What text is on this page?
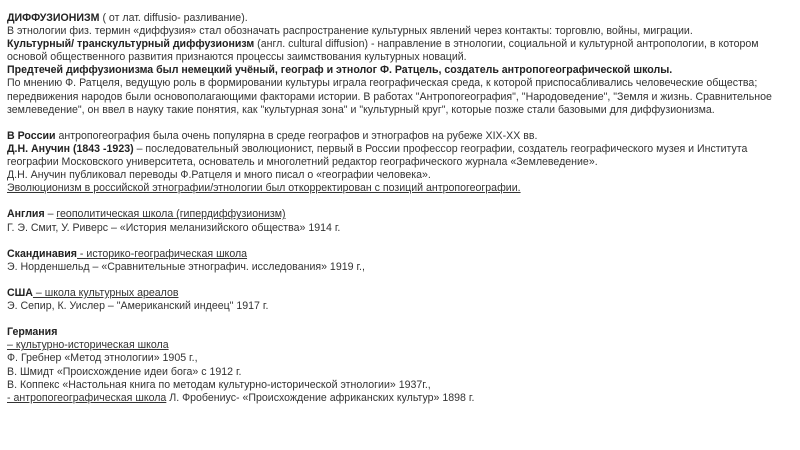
ДИФФУЗИОНИЗМ ( от лат. diffusio- разливание).

В этнологии физ. термин «диффузия» стал обозначать распространение культурных явлений через контакты: торговлю, войны, миграции.

Культурный/ транскультурный диффузионизм (англ. cultural diffusion) - направление в этнологии, социальной и культурной антропологии, в котором основой общественного развития признаются процессы заимствования культурных новаций.

Предтечей диффузионизма был немецкий учёный, географ и этнолог Ф. Ратцель, создатель антропогеографической школы.

По мнению Ф. Ратцеля, ведущую роль в формировании культуры играла географическая среда, к которой приспосабливались человеческие общества; передвижения народов были основополагающими факторами истории. В работах "Антропогеография", "Народоведение", "Земля и жизнь. Сравнительное землеведение", он ввел в науку такие понятия, как "культурная зона" и "культурный круг", которые позже стали базовыми для диффузионизма.

В России антропогеография была очень популярна в среде географов и этнографов на рубеже XIX-XX вв.

Д.Н. Анучин (1843 -1923) – последовательный эволюционист, первый в России профессор географии, создатель географического музея и Института географии Московского университета, основатель и многолетний редактор географического журнала «Землеведение».

Д.Н. Анучин публиковал переводы Ф.Ратцеля и много писал о «географии человека».

Эволюционизм в российской этнографии/этнологии был откорректирован с позиций антропогеографии.

Англия – геополитическая школа (гипердиффузионизм)

Г. Э. Смит, У. Риверс – «История меланизийского общества» 1914 г.

Скандинавия - историко-географическая школа

Э. Норденшельд – «Сравнительные этнографич. исследования» 1919 г.,

США – школа культурных ареалов

Э. Сепир, К. Уислер – "Американский индеец" 1917 г.

Германия

– культурно-историческая школа

Ф. Гребнер «Метод этнологии» 1905 г.,

В. Шмидт «Происхождение идеи бога» с 1912 г.

В. Коппекс «Настольная книга по методам культурно-исторической этнологии» 1937г.,

- антропогеографическая школа Л. Фробениус- «Происхождение африканских культур» 1898 г.
